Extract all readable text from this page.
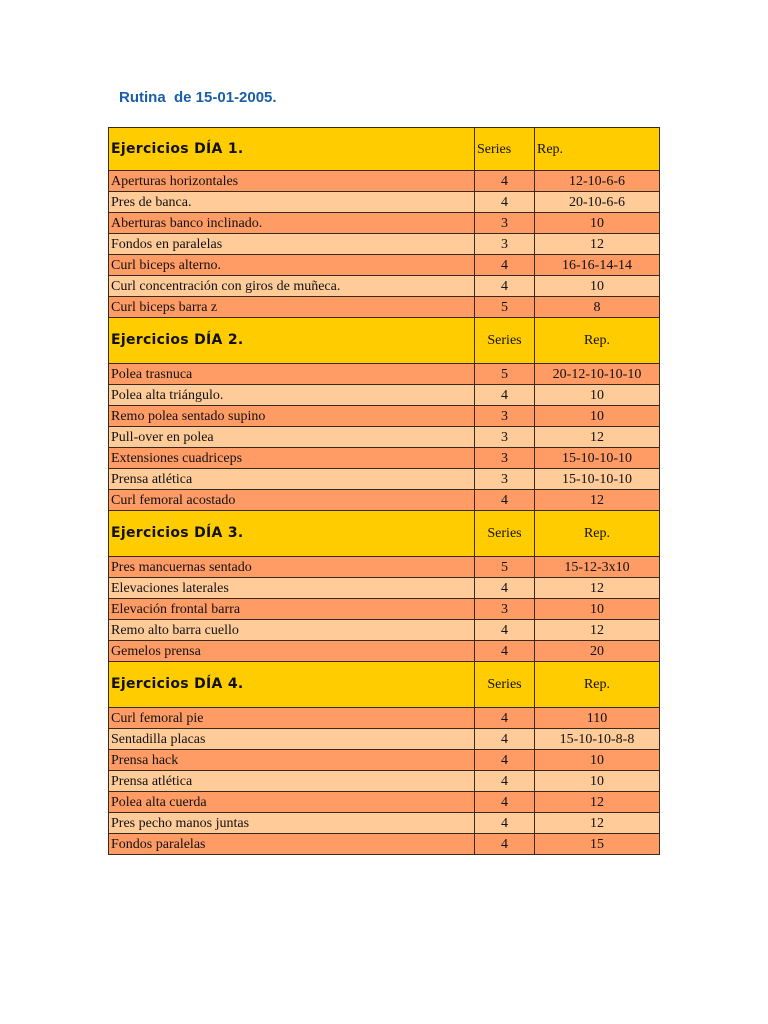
Rutina  de 15-01-2005.
Ejercicios DÍA 1.	Series	Rep.
Aperturas horizontales	4	12-10-6-6
Pres de banca.	4	20-10-6-6
Aberturas banco inclinado.	3	10
Fondos en paralelas	3	12
Curl biceps alterno.	4	16-16-14-14
Curl concentración con giros de muñeca.	4	10
Curl biceps barra z	5	8
Ejercicios DÍA 2.	Series	Rep.
Polea trasnuca	5	20-12-10-10-10
Polea alta triángulo.	4	10
Remo polea sentado supino	3	10
Pull-over en polea	3	12
Extensiones cuadriceps	3	15-10-10-10
Prensa atlética	3	15-10-10-10
Curl femoral acostado	4	12
Ejercicios DÍA 3.	Series	Rep.
Pres mancuernas sentado	5	15-12-3x10
Elevaciones laterales	4	12
Elevación frontal barra	3	10
Remo alto barra cuello	4	12
Gemelos prensa	4	20
Ejercicios DÍA 4.	Series	Rep.
Curl femoral pie	4	110
Sentadilla placas	4	15-10-10-8-8
Prensa hack	4	10
Prensa atlética	4	10
Polea alta cuerda	4	12
Pres pecho manos juntas	4	12
Fondos paralelas	4	15
